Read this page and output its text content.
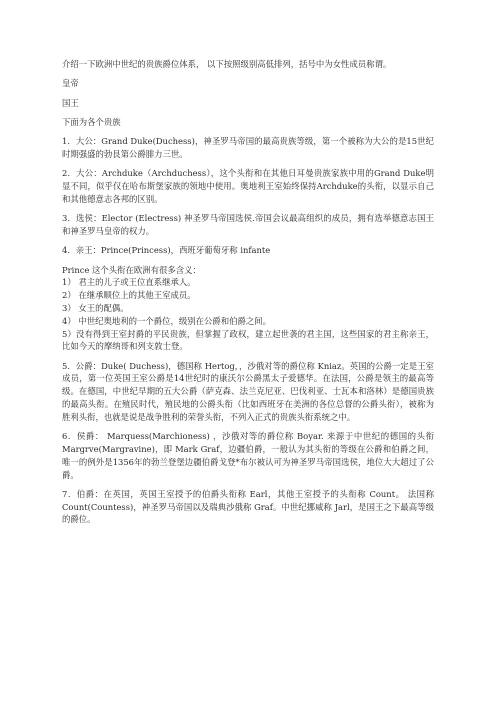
介绍一下欧洲中世纪的贵族爵位体系， 以下按照级别高低排列，括号中为女性成员称谓。

皇帝

国王

下面为各个贵族

1．大公：Grand Duke(Duchess)，神圣罗马帝国的最高贵族等级，第一个被称为大公的是15世纪时期强盛的勃艮第公爵腓力三世。

2．大公：Archduke（Archduchess），这个头衔和在其他日耳曼贵族家族中用的Grand Duke明显不同，似乎仅在哈布斯堡家族的领地中使用。奥地利王室始终保持Archduke的头衔，以显示自己和其他德意志各邦的区别。

3．选侯：Elector (Electress) 神圣罗马帝国选侯.帝国会议最高组织的成员，拥有选举德意志国王和神圣罗马皇帝的权力。

4．亲王：Prince(Princess)，西班牙葡萄牙称 infante

Prince 这个头衔在欧洲有很多含义：

1） 君主的儿子或王位直系继承人。

2） 在继承顺位上的其他王室成员。

3） 女王的配偶。

4） 中世纪奥地利的一个爵位，级别在公爵和伯爵之间。

5）没有得到王室封爵的平民贵族，但掌握了政权，建立起世袭的君主国，这些国家的君主称亲王，比如今天的摩纳哥和列支敦士登。

5．公爵：Duke( Duchess)，德国称 Hertog，，沙俄对等的爵位称 Kniaz。英国的公爵一定是王室成员，第一位英国王室公爵是14世纪时的康沃尔公爵黑太子爱德华。在法国，公爵是领主的最高等级。在德国，中世纪早期的五大公爵（萨克森、法兰克尼亚、巴伐利亚、士瓦本和洛林）是德国贵族的最高头衔。在殖民时代，殖民地的公爵头衔（比如西班牙在美洲的各位总督的公爵头衔），被称为胜利头衔，也就是说是战争胜利的荣誉头衔，不列入正式的贵族头衔系统之中。

6．侯爵： Marquess(Marchioness) ，沙俄对等的爵位称 Boyar. 来源于中世纪的德国的头衔 Margrve(Margravine)，即 Mark Graf，边疆伯爵，一般认为其头衔的等级在公爵和伯爵之间，唯一的例外是1356年的勃兰登堡边疆伯爵戈登*布尔被认可为神圣罗马帝国选侯，地位大大超过了公爵。

7．伯爵：在英国，英国王室授予的伯爵头衔称 Earl，其他王室授予的头衔称 Count。 法国称 Count(Countess)，神圣罗马帝国以及瑞典沙俄称 Graf。中世纪挪威称 Jarl，是国王之下最高等级的爵位。
